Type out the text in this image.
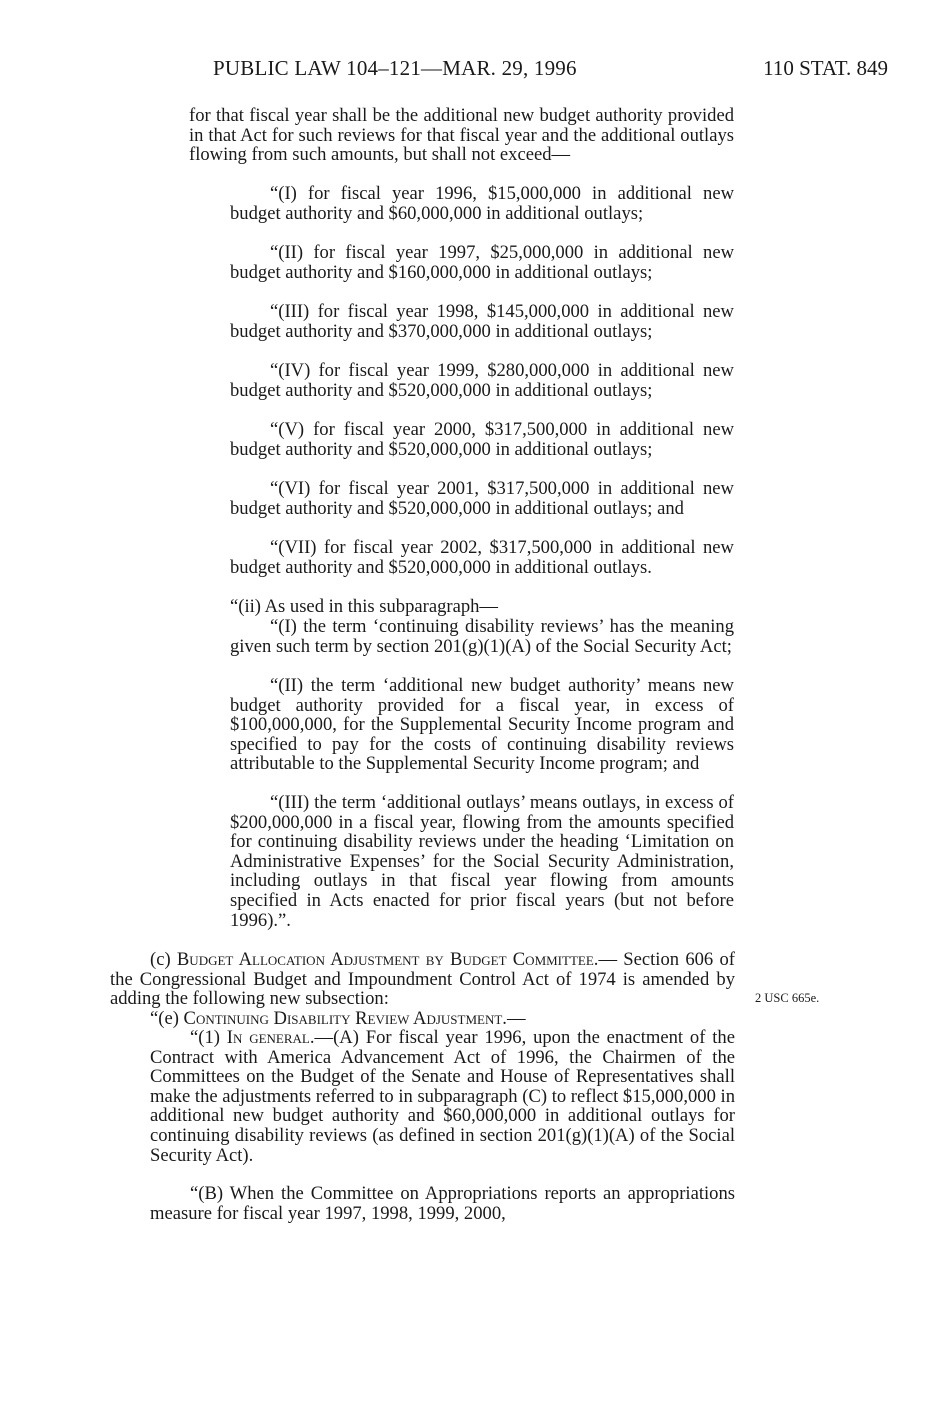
PUBLIC LAW 104–121—MAR. 29, 1996	110 STAT. 849

for that fiscal year shall be the additional new budget authority provided in that Act for such reviews for that fiscal year and the additional outlays flowing from such amounts, but shall not exceed—

“(I) for fiscal year 1996, $15,000,000 in additional new budget authority and $60,000,000 in additional outlays;

“(II) for fiscal year 1997, $25,000,000 in additional new budget authority and $160,000,000 in additional outlays;

“(III) for fiscal year 1998, $145,000,000 in additional new budget authority and $370,000,000 in additional outlays;

“(IV) for fiscal year 1999, $280,000,000 in additional new budget authority and $520,000,000 in additional outlays;

“(V) for fiscal year 2000, $317,500,000 in additional new budget authority and $520,000,000 in additional outlays;

“(VI) for fiscal year 2001, $317,500,000 in additional new budget authority and $520,000,000 in additional outlays; and

“(VII) for fiscal year 2002, $317,500,000 in additional new budget authority and $520,000,000 in additional outlays.

“(ii) As used in this subparagraph—

“(I) the term ‘continuing disability reviews’ has the meaning given such term by section 201(g)(1)(A) of the Social Security Act;

“(II) the term ‘additional new budget authority’ means new budget authority provided for a fiscal year, in excess of $100,000,000, for the Supplemental Security Income program and specified to pay for the costs of continuing disability reviews attributable to the Supplemental Security Income program; and

“(III) the term ‘additional outlays’ means outlays, in excess of $200,000,000 in a fiscal year, flowing from the amounts specified for continuing disability reviews under the heading ‘Limitation on Administrative Expenses’ for the Social Security Administration, including outlays in that fiscal year flowing from amounts specified in Acts enacted for prior fiscal years (but not before 1996).”.

(c) Budget Allocation Adjustment by Budget Committee.— Section 606 of the Congressional Budget and Impoundment Control Act of 1974 is amended by adding the following new subsection:	2 USC 665e.

“(e) Continuing Disability Review Adjustment.—

“(1) In general.—(A) For fiscal year 1996, upon the enactment of the Contract with America Advancement Act of 1996, the Chairmen of the Committees on the Budget of the Senate and House of Representatives shall make the adjustments referred to in subparagraph (C) to reflect $15,000,000 in additional new budget authority and $60,000,000 in additional outlays for continuing disability reviews (as defined in section 201(g)(1)(A) of the Social Security Act).

“(B) When the Committee on Appropriations reports an appropriations measure for fiscal year 1997, 1998, 1999, 2000,
